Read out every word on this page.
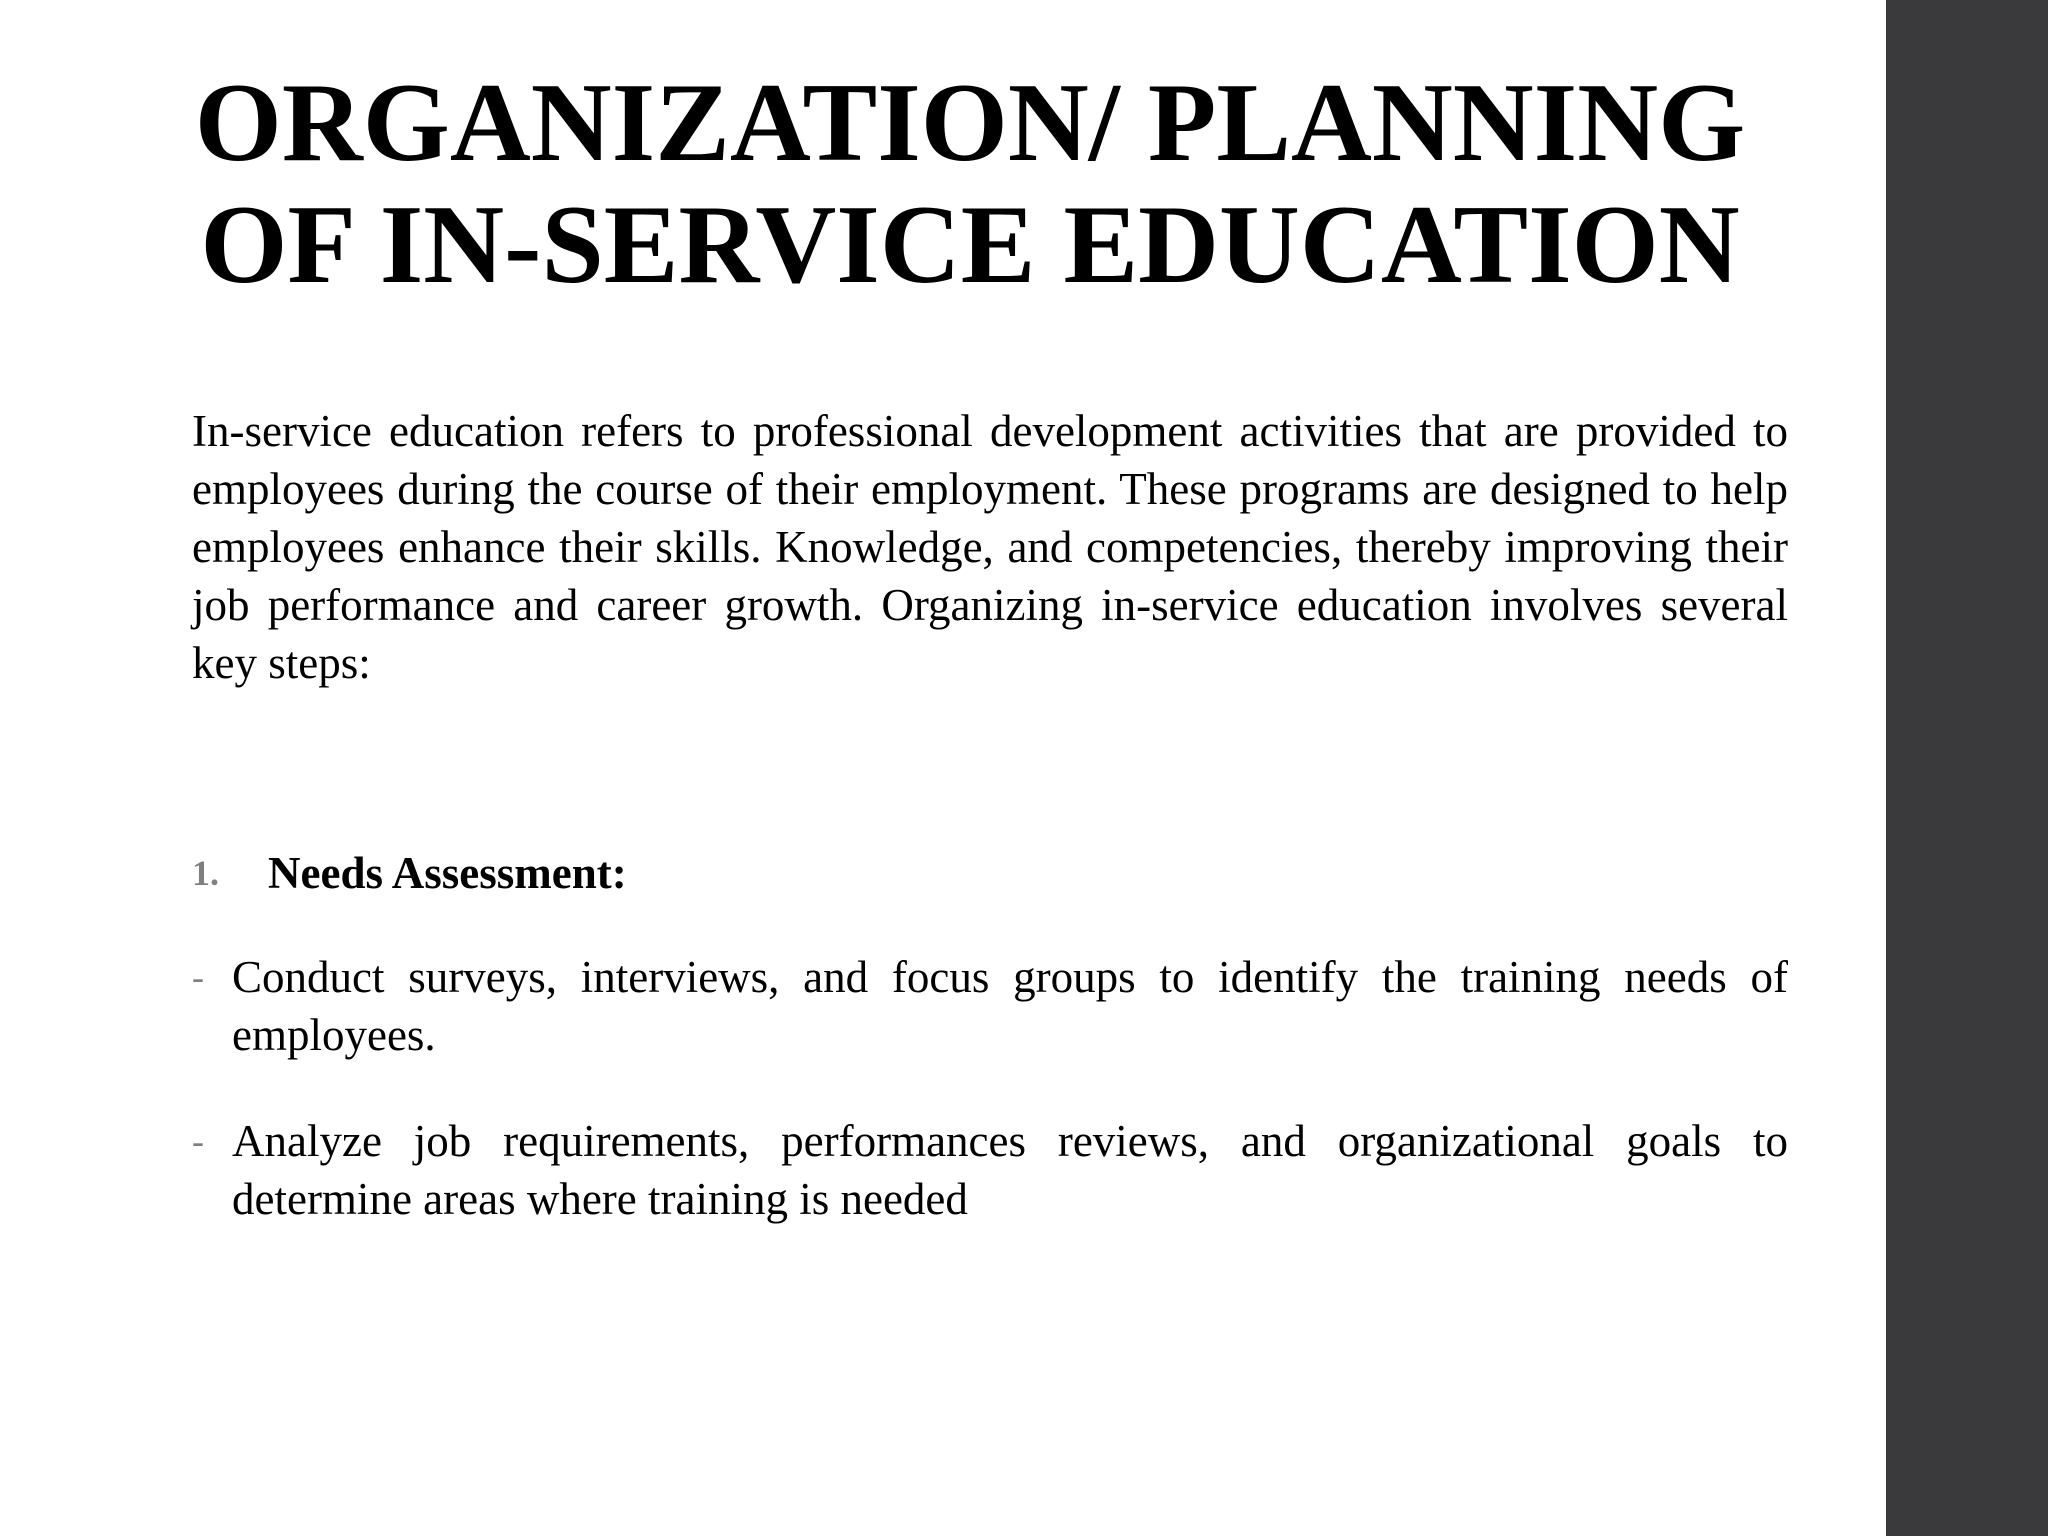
ORGANIZATION/ PLANNING
OF IN-SERVICE EDUCATION

In-service education refers to professional development activities that are provided to employees during the course of their employment. These programs are designed to help employees enhance their skills. Knowledge, and competencies, thereby improving their job performance and career growth. Organizing in-service education involves several key steps:

1. Needs Assessment:
- Conduct surveys, interviews, and focus groups to identify the training needs of employees.

- Analyze job requirements, performances reviews, and organizational goals to determine areas where training is needed
